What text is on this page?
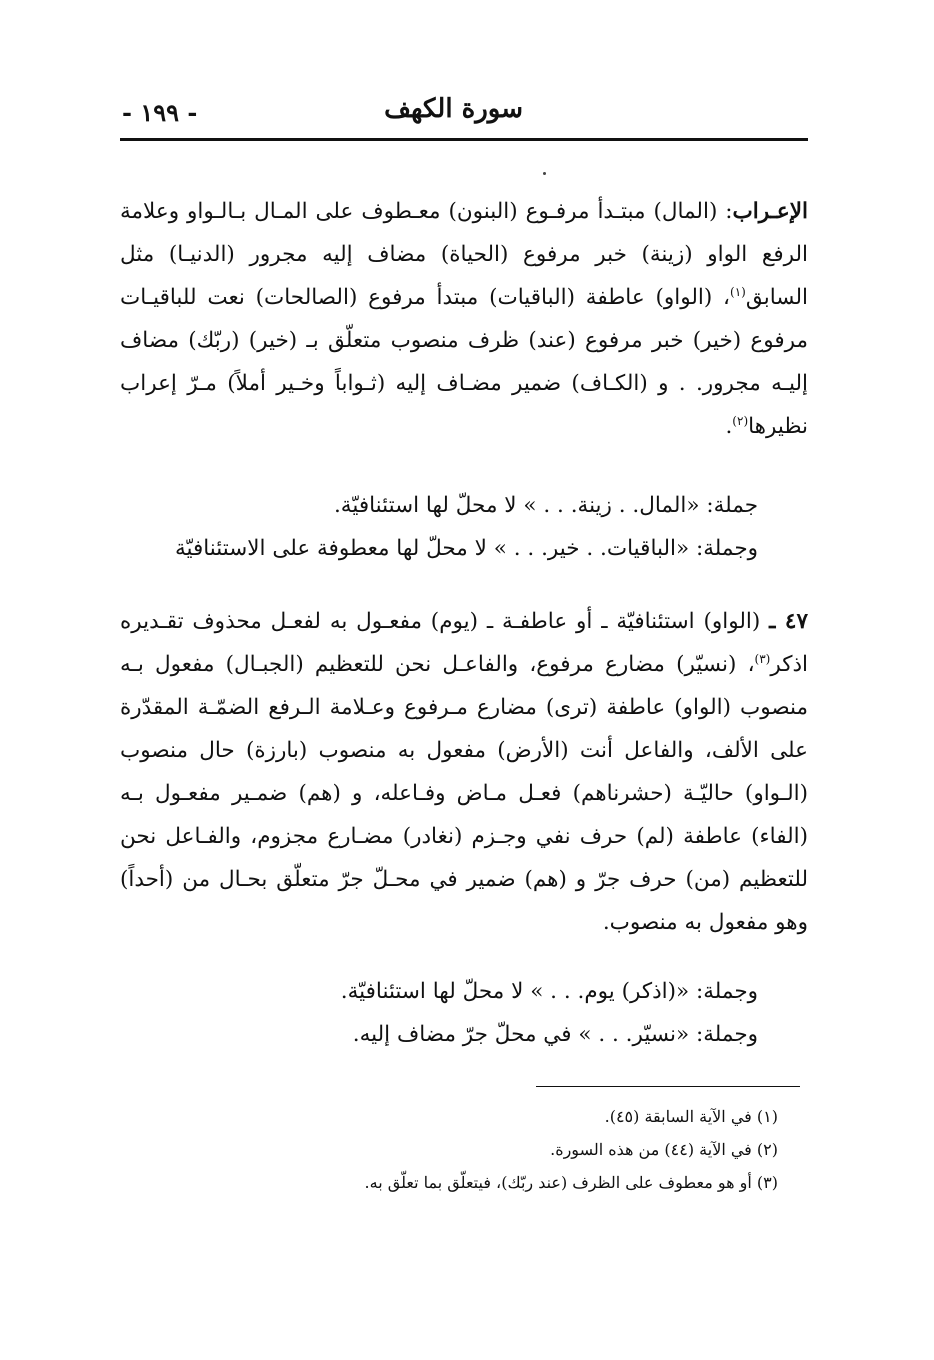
سورة الكهف
- ١٩٩ -
الإعـراب: (المال) مبتـدأ مرفـوع (البنون) معـطوف على المـال بـالـواو وعلامة الرفع الواو (زينة) خبر مرفوع (الحياة) مضاف إليه مجرور (الدنيـا) مثل السابق$^{(١)}$، (الواو) عاطفة (الباقيات) مبتدأ مرفوع (الصالحات) نعت للباقيـات مرفوع (خير) خبر مرفوع (عند) ظرف منصوب متعلّق بـ (خير) (ربّك) مضاف إليـه مجرور. . و (الكـاف) ضمير مضـاف إليه (ثـواباً وخـير أملاً) مـرّ إعراب نظيرها$^{(٢)}$.
جملة: «المال. . زينة. . . » لا محلّ لها استئنافيّة.
وجملة: «الباقيات. . خير. . . » لا محلّ لها معطوفة على الاستئنافيّة
٤٧ ـ (الواو) استئنافيّة ـ أو عاطفـة ـ (يوم) مفعـول به لفعـل محذوف تقـديره اذكر$^{(٣)}$، (نسيّر) مضارع مرفوع، والفاعـل نحن للتعظيم (الجبـال) مفعول بـه منصوب (الواو) عاطفة (ترى) مضارع مـرفوع وعـلامة الـرفع الضمّـة المقدّرة على الألف، والفاعل أنت (الأرض) مفعول به منصوب (بارزة) حال منصوب (الـواو) حاليّـة (حشرناهم) فعـل مـاض وفـاعله، و (هم) ضمـير مفعـول بـه (الفاء) عاطفة (لم) حرف نفي وجـزم (نغادر) مضـارع مجزوم، والفـاعل نحن للتعظيم (من) حرف جرّ و (هم) ضمير في محـلّ جرّ متعلّق بحـال من (أحداً) وهو مفعول به منصوب.
وجملة: «(اذكر) يوم. . . » لا محلّ لها استئنافيّة.
وجملة: «نسيّر. . . » في محلّ جرّ مضاف إليه.
(١) في الآية السابقة (٤٥).
(٢) في الآية (٤٤) من هذه السورة.
(٣) أو هو معطوف على الظرف (عند ربّك)، فيتعلّق بما تعلّق به.
